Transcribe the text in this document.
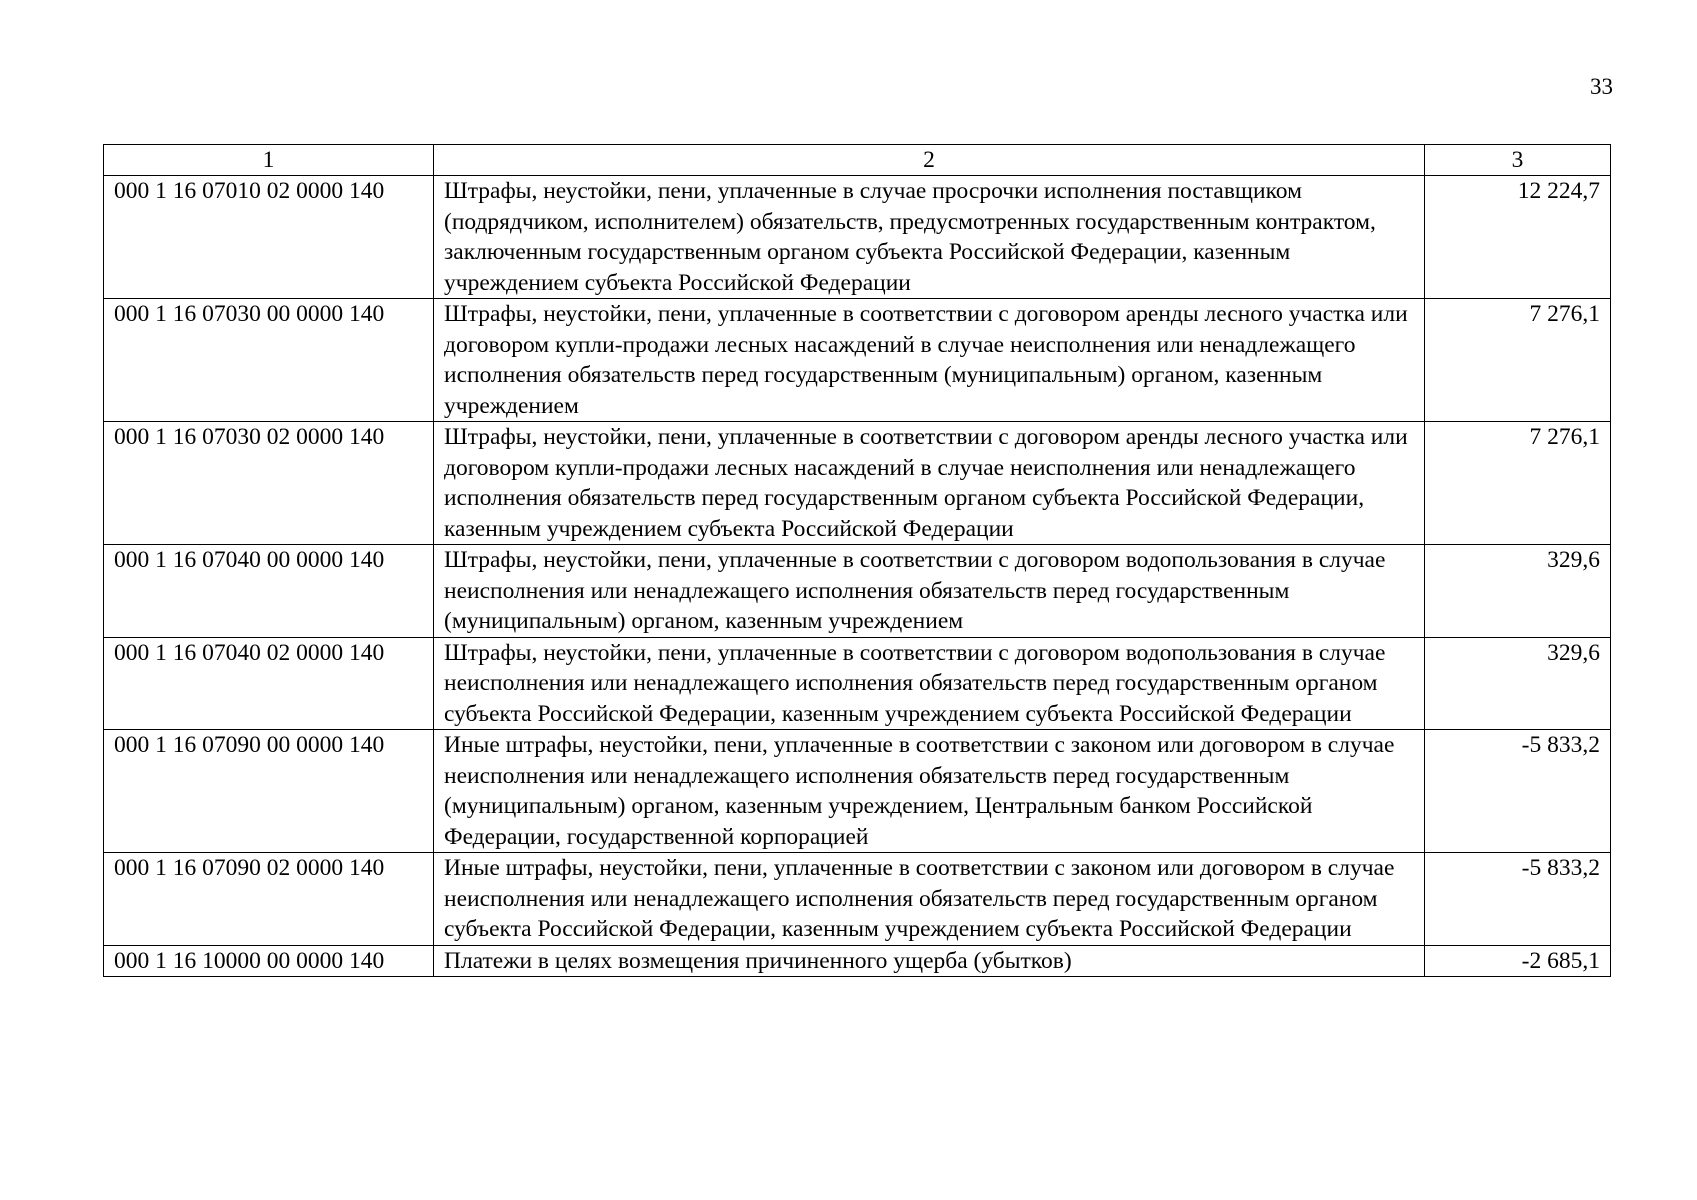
33
1	2	3
000 1 16 07010 02 0000 140	Штрафы, неустойки, пени, уплаченные в случае просрочки исполнения поставщиком (подрядчиком, исполнителем) обязательств, предусмотренных государственным контрактом, заключенным государственным органом субъекта Российской Федерации, казенным учреждением субъекта Российской Федерации	12 224,7
000 1 16 07030 00 0000 140	Штрафы, неустойки, пени, уплаченные в соответствии с договором аренды лесного участка или договором купли-продажи лесных насаждений в случае неисполнения или ненадлежащего исполнения обязательств перед государственным (муниципальным) органом, казенным учреждением	7 276,1
000 1 16 07030 02 0000 140	Штрафы, неустойки, пени, уплаченные в соответствии с договором аренды лесного участка или договором купли-продажи лесных насаждений в случае неисполнения или ненадлежащего исполнения обязательств перед государственным органом субъекта Российской Федерации, казенным учреждением субъекта Российской Федерации	7 276,1
000 1 16 07040 00 0000 140	Штрафы, неустойки, пени, уплаченные в соответствии с договором водопользования в случае неисполнения или ненадлежащего исполнения обязательств перед государственным (муниципальным) органом, казенным учреждением	329,6
000 1 16 07040 02 0000 140	Штрафы, неустойки, пени, уплаченные в соответствии с договором водопользования в случае неисполнения или ненадлежащего исполнения обязательств перед государственным органом субъекта Российской Федерации, казенным учреждением субъекта Российской Федерации	329,6
000 1 16 07090 00 0000 140	Иные штрафы, неустойки, пени, уплаченные в соответствии с законом или договором в случае неисполнения или ненадлежащего исполнения обязательств перед государственным (муниципальным) органом, казенным учреждением, Центральным банком Российской Федерации, государственной корпорацией	-5 833,2
000 1 16 07090 02 0000 140	Иные штрафы, неустойки, пени, уплаченные в соответствии с законом или договором в случае неисполнения или ненадлежащего исполнения обязательств перед государственным органом субъекта Российской Федерации, казенным учреждением субъекта Российской Федерации	-5 833,2
000 1 16 10000 00 0000 140	Платежи в целях возмещения причиненного ущерба (убытков)	-2 685,1
